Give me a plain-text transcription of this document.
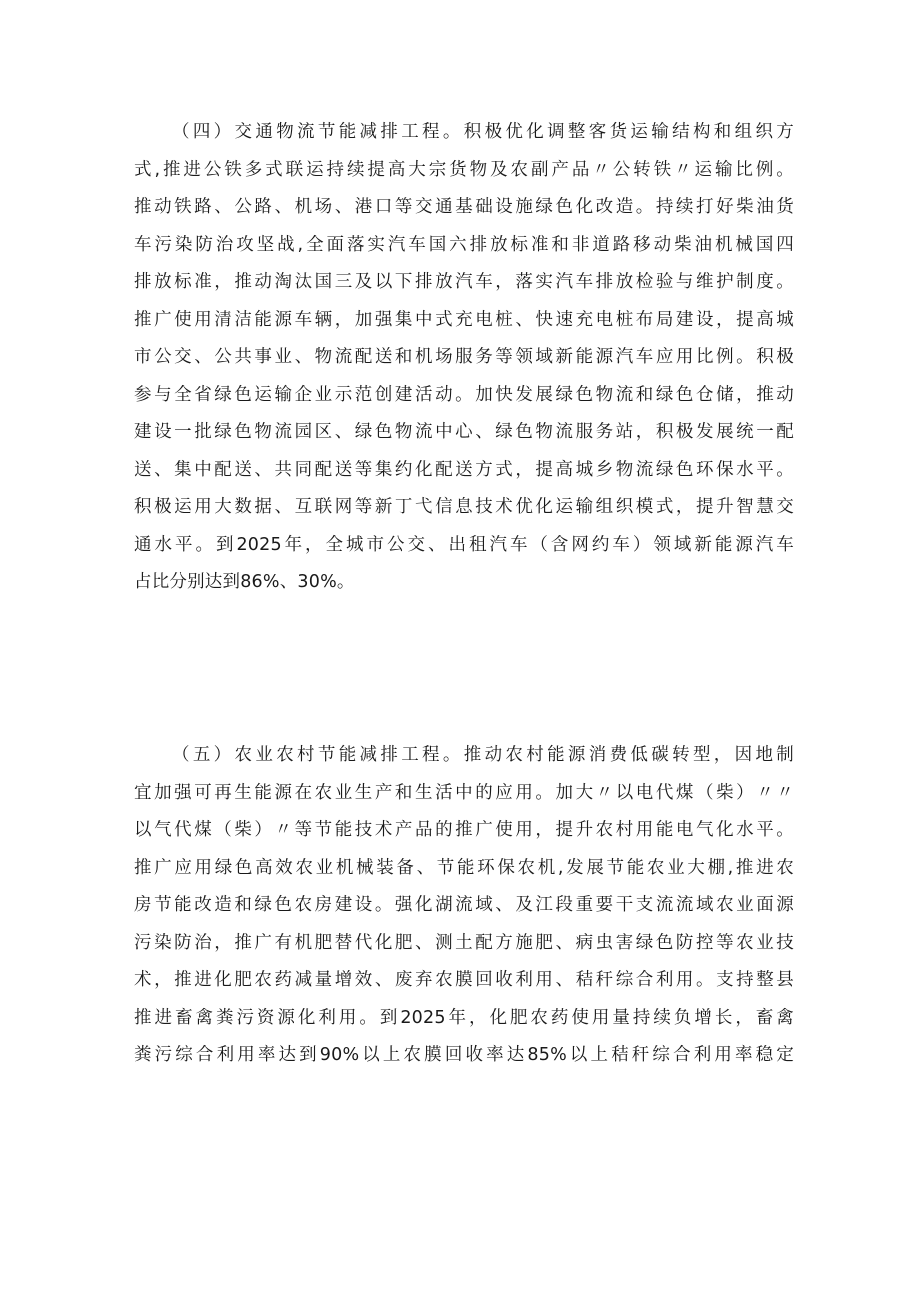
（四）交通物流节能减排工程。积极优化调整客货运输结构和组织方
式,推进公铁多式联运持续提高大宗货物及农副产品〃公转铁〃运输比例。
推动铁路、公路、机场、港口等交通基础设施绿色化改造。持续打好柴油货
车污染防治攻坚战,全面落实汽车国六排放标准和非道路移动柴油机械国四
排放标准，推动淘汰国三及以下排放汽车，落实汽车排放检验与维护制度。
推广使用清洁能源车辆，加强集中式充电桩、快速充电桩布局建设，提高城
市公交、公共事业、物流配送和机场服务等领域新能源汽车应用比例。积极
参与全省绿色运输企业示范创建活动。加快发展绿色物流和绿色仓储，推动
建设一批绿色物流园区、绿色物流中心、绿色物流服务站，积极发展统一配
送、集中配送、共同配送等集约化配送方式，提高城乡物流绿色环保水平。
积极运用大数据、互联网等新丁弋信息技术优化运输组织模式，提升智慧交
通水平。到2025年，全城市公交、出租汽车（含网约车）领域新能源汽车
占比分别达到86%、30%。
（五）农业农村节能减排工程。推动农村能源消费低碳转型，因地制
宜加强可再生能源在农业生产和生活中的应用。加大〃以电代煤（柴）〃〃
以气代煤（柴）〃等节能技术产品的推广使用，提升农村用能电气化水平。
推广应用绿色高效农业机械装备、节能环保农机,发展节能农业大棚,推进农
房节能改造和绿色农房建设。强化湖流域、及江段重要干支流流域农业面源
污染防治，推广有机肥替代化肥、测土配方施肥、病虫害绿色防控等农业技
术，推进化肥农药减量增效、废弃农膜回收利用、秸秆综合利用。支持整县
推进畜禽粪污资源化利用。到2025年，化肥农药使用量持续负增长，畜禽
粪污综合利用率达到90%以上农膜回收率达85%以上秸秆综合利用率稳定
